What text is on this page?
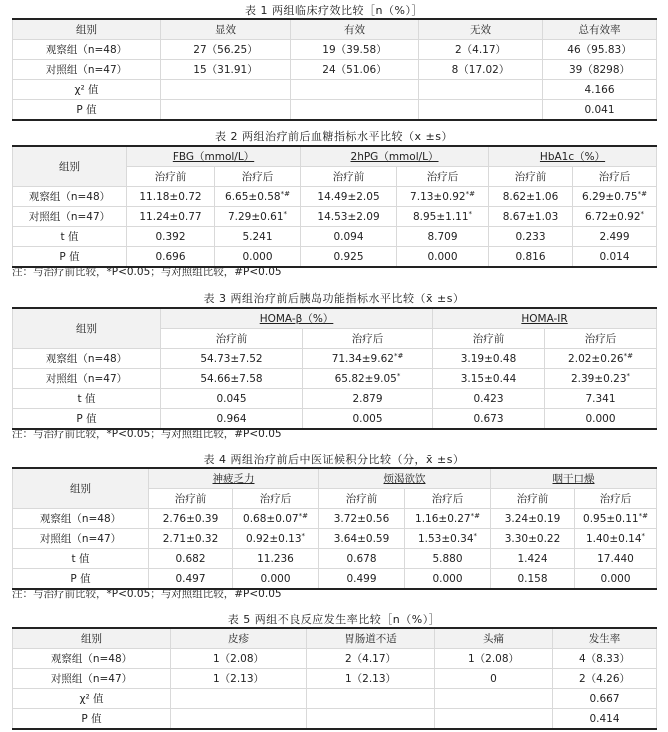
表 1 两组临床疗效比较［n（%）］
组别	显效	有效	无效	总有效率
观察组（n=48）	27（56.25）	19（39.58）	2（4.17）	46（95.83）
对照组（n=47）	15（31.91）	24（51.06）	8（17.02）	39（8298）
χ² 值				4.166
P 值				0.041
表 2 两组治疗前后血糖指标水平比较（x ±s）
组别	FBG（mmol/L）		2hPG（mmol/L）		HbA1c（%）	
	治疗前	治疗后	治疗前	治疗后	治疗前	治疗后
观察组（n=48）	11.18±0.72	6.65±0.58*#	14.49±2.05	7.13±0.92*#	8.62±1.06	6.29±0.75*#
对照组（n=47）	11.24±0.77	7.29±0.61*	14.53±2.09	8.95±1.11*	8.67±1.03	6.72±0.92*
t 值	0.392	5.241	0.094	8.709	0.233	2.499
P 值	0.696	0.000	0.925	0.000	0.816	0.014
注：与治疗前比较，*P<0.05；与对照组比较，#P<0.05
表 3 两组治疗前后胰岛功能指标水平比较（x̄ ±s）
组别	HOMA-β（%）		HOMA-IR	
	治疗前	治疗后	治疗前	治疗后
观察组（n=48）	54.73±7.52	71.34±9.62*#	3.19±0.48	2.02±0.26*#
对照组（n=47）	54.66±7.58	65.82±9.05*	3.15±0.44	2.39±0.23*
t 值	0.045	2.879	0.423	7.341
P 值	0.964	0.005	0.673	0.000
注：与治疗前比较，*P<0.05；与对照组比较，#P<0.05
表 4 两组治疗前后中医证候积分比较（分，x̄ ±s）
组别	神疲乏力		烦渴欲饮		咽干口燥	
	治疗前	治疗后	治疗前	治疗后	治疗前	治疗后
观察组（n=48）	2.76±0.39	0.68±0.07*#	3.72±0.56	1.16±0.27*#	3.24±0.19	0.95±0.11*#
对照组（n=47）	2.71±0.32	0.92±0.13*	3.64±0.59	1.53±0.34*	3.30±0.22	1.40±0.14*
t 值	0.682	11.236	0.678	5.880	1.424	17.440
P 值	0.497	0.000	0.499	0.000	0.158	0.000
注：与治疗前比较，*P<0.05；与对照组比较，#P<0.05
表 5 两组不良反应发生率比较［n（%）］
组别	皮疹	胃肠道不适	头痛	发生率
观察组（n=48）	1（2.08）	2（4.17）	1（2.08）	4（8.33）
对照组（n=47）	1（2.13）	1（2.13）	0	2（4.26）
χ² 值				0.667
P 值				0.414
